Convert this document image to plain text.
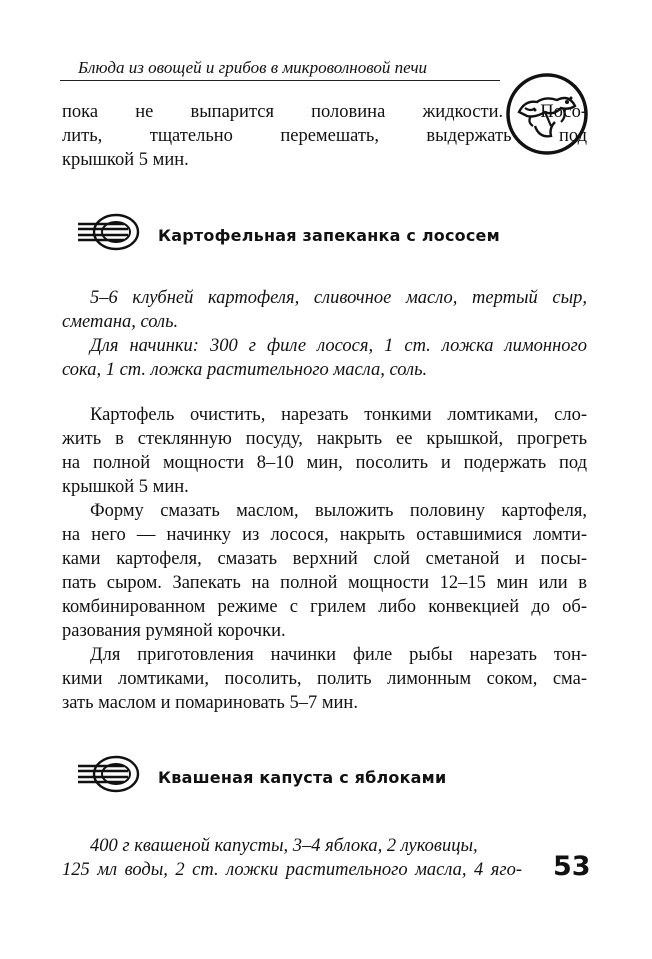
Блюда из овощей и грибов в микроволновой печи
пока не выпарится половина жидкости. Посо-
лить, тщательно перемешать, выдержать под
крышкой 5 мин.
Картофельная запеканка с лососем
5–6 клубней картофеля, сливочное масло, тертый сыр,
сметана, соль.
Для начинки: 300 г филе лосося, 1 ст. ложка лимонного
сока, 1 ст. ложка растительного масла, соль.
Картофель очистить, нарезать тонкими ломтиками, сло-
жить в стеклянную посуду, накрыть ее крышкой, прогреть
на полной мощности 8–10 мин, посолить и подержать под
крышкой 5 мин.
Форму смазать маслом, выложить половину картофеля,
на него — начинку из лосося, накрыть оставшимися ломти-
ками картофеля, смазать верхний слой сметаной и посы-
пать сыром. Запекать на полной мощности 12–15 мин или в
комбинированном режиме с грилем либо конвекцией до об-
разования румяной корочки.
Для приготовления начинки филе рыбы нарезать тон-
кими ломтиками, посолить, полить лимонным соком, сма-
зать маслом и помариновать 5–7 мин.
Квашеная капуста с яблоками
400 г квашеной капусты, 3–4 яблока, 2 луковицы,
125 мл воды, 2 ст. ложки растительного масла, 4 яго- 53
